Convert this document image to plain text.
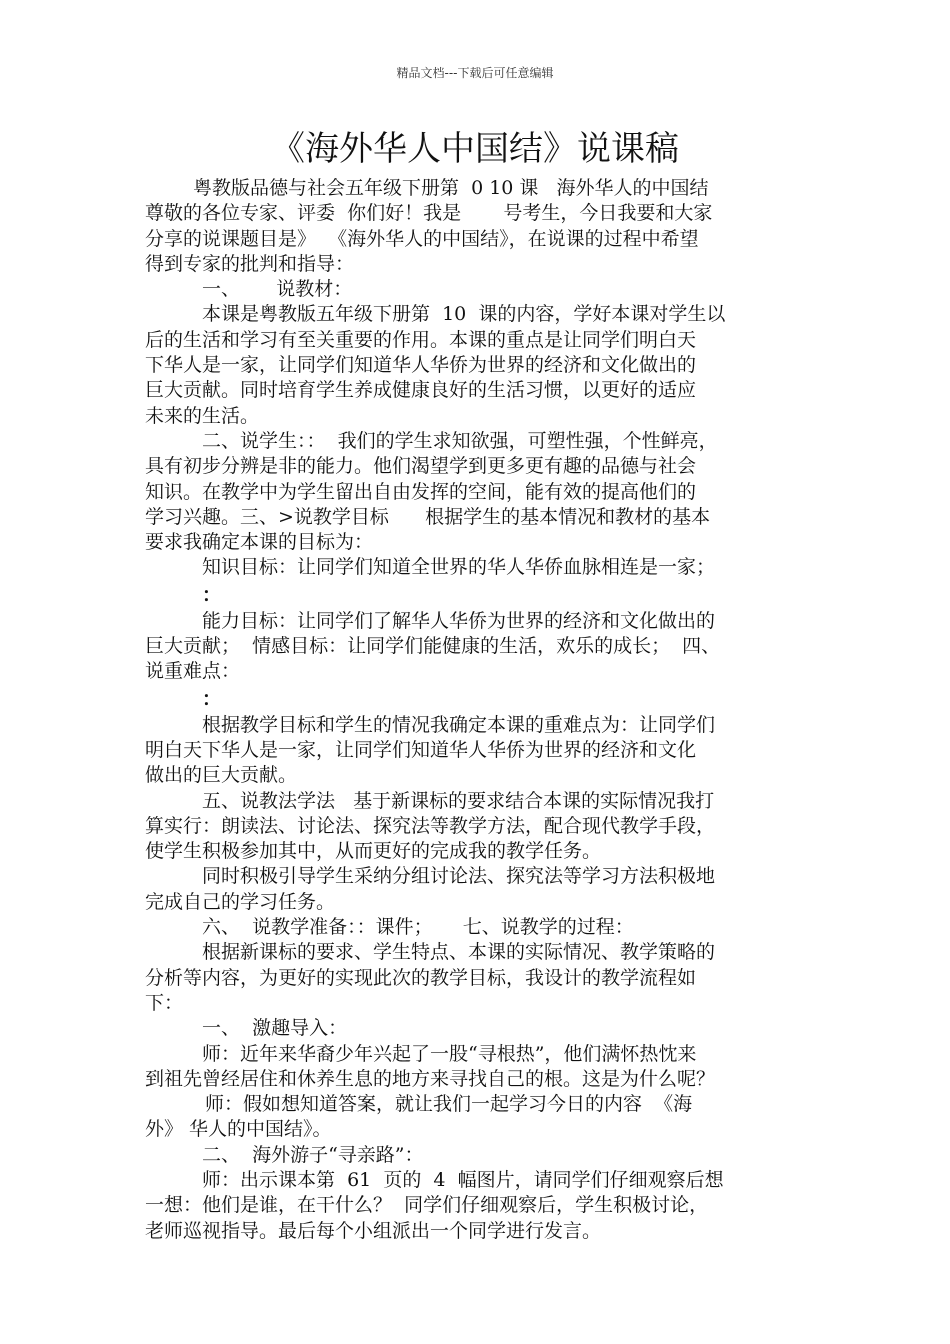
精品文档---下载后可任意编辑
《海外华人中国结》说课稿
粤教版品德与社会五年级下册第  0 10 课   海外华人的中国结
尊敬的各位专家、评委  你们好！我是       号考生，今日我要和大家
分享的说课题目是》  《海外华人的中国结》，在说课的过程中希望
得到专家的批判和指导：
一、      说教材：
本课是粤教版五年级下册第  10  课的内容，学好本课对学生以
后的生活和学习有至关重要的作用。本课的重点是让同学们明白天
下华人是一家，让同学们知道华人华侨为世界的经济和文化做出的
巨大贡献。同时培育学生养成健康良好的生活习惯，以更好的适应
未来的生活。
二、说学生：：  我们的学生求知欲强，可塑性强，个性鲜亮，
具有初步分辨是非的能力。他们渴望学到更多更有趣的品德与社会
知识。在教学中为学生留出自由发挥的空间，能有效的提高他们的
学习兴趣。三、>说教学目标      根据学生的基本情况和教材的基本
要求我确定本课的目标为：
知识目标：让同学们知道全世界的华人华侨血脉相连是一家；
：
能力目标：让同学们了解华人华侨为世界的经济和文化做出的
巨大贡献；  情感目标：让同学们能健康的生活，欢乐的成长；  四、
说重难点：
：
根据教学目标和学生的情况我确定本课的重难点为：让同学们
明白天下华人是一家，让同学们知道华人华侨为世界的经济和文化
做出的巨大贡献。
五、说教法学法   基于新课标的要求结合本课的实际情况我打
算实行：朗读法、讨论法、探究法等教学方法，配合现代教学手段，
使学生积极参加其中，从而更好的完成我的教学任务。
同时积极引导学生采纳分组讨论法、探究法等学习方法积极地
完成自己的学习任务。
六、  说教学准备：：课件；     七、说教学的过程：
根据新课标的要求、学生特点、本课的实际情况、教学策略的
分析等内容，为更好的实现此次的教学目标，我设计的教学流程如
下：
一、  激趣导入：
师：近年来华裔少年兴起了一股“寻根热”，他们满怀热忱来
到祖先曾经居住和休养生息的地方来寻找自己的根。这是为什么呢？
师：假如想知道答案，就让我们一起学习今日的内容  《海
外》 华人的中国结》。
二、  海外游子“寻亲路”：
师：出示课本第  61  页的  4  幅图片，请同学们仔细观察后想
一想：他们是谁，在干什么？  同学们仔细观察后，学生积极讨论，
老师巡视指导。最后每个小组派出一个同学进行发言。
